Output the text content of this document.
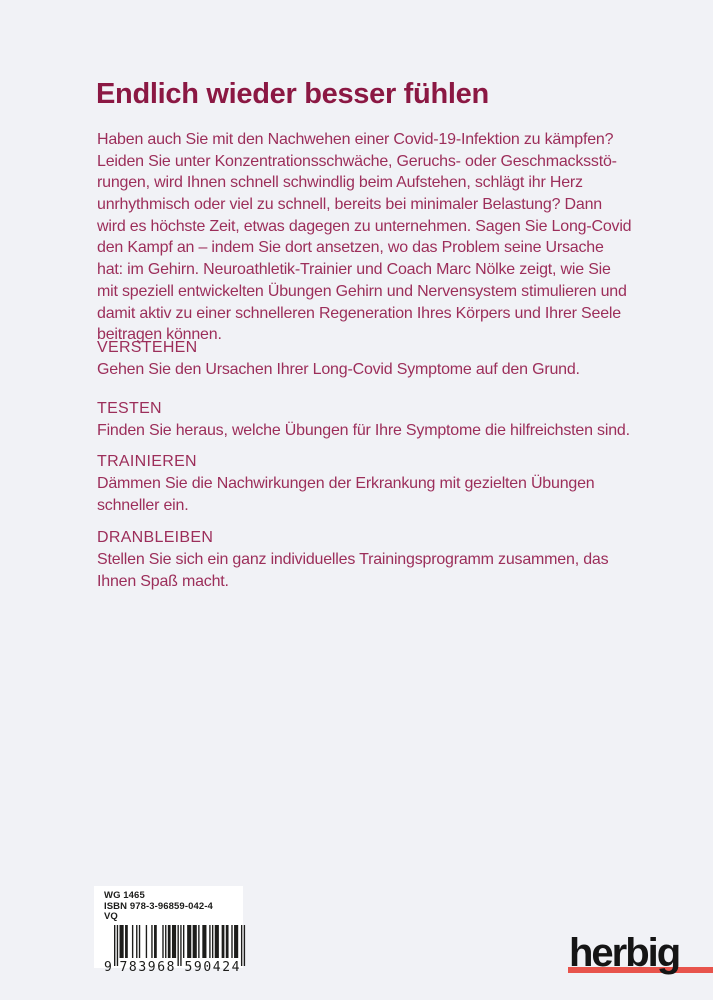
Endlich wieder besser fühlen
Haben auch Sie mit den Nachwehen einer Covid-19-Infektion zu kämpfen?
Leiden Sie unter Konzentrationsschwäche, Geruchs- oder Geschmacksstö-
rungen, wird Ihnen schnell schwindlig beim Aufstehen, schlägt ihr Herz
unrhythmisch oder viel zu schnell, bereits bei minimaler Belastung? Dann
wird es höchste Zeit, etwas dagegen zu unternehmen. Sagen Sie Long-Covid
den Kampf an – indem Sie dort ansetzen, wo das Problem seine Ursache
hat: im Gehirn. Neuroathletik-Trainier und Coach Marc Nölke zeigt, wie Sie
mit speziell entwickelten Übungen Gehirn und Nervensystem stimulieren und
damit aktiv zu einer schnelleren Regeneration Ihres Körpers und Ihrer Seele
beitragen können.
VERSTEHEN
Gehen Sie den Ursachen Ihrer Long-Covid Symptome auf den Grund.
TESTEN
Finden Sie heraus, welche Übungen für Ihre Symptome die hilfreichsten sind.
TRAINIEREN
Dämmen Sie die Nachwirkungen der Erkrankung mit gezielten Übungen
schneller ein.
DRANBLEIBEN
Stellen Sie sich ein ganz individuelles Trainingsprogramm zusammen, das
Ihnen Spaß macht.
WG 1465
ISBN 978-3-96859-042-4
VQ
9 783968 590424	herbig
